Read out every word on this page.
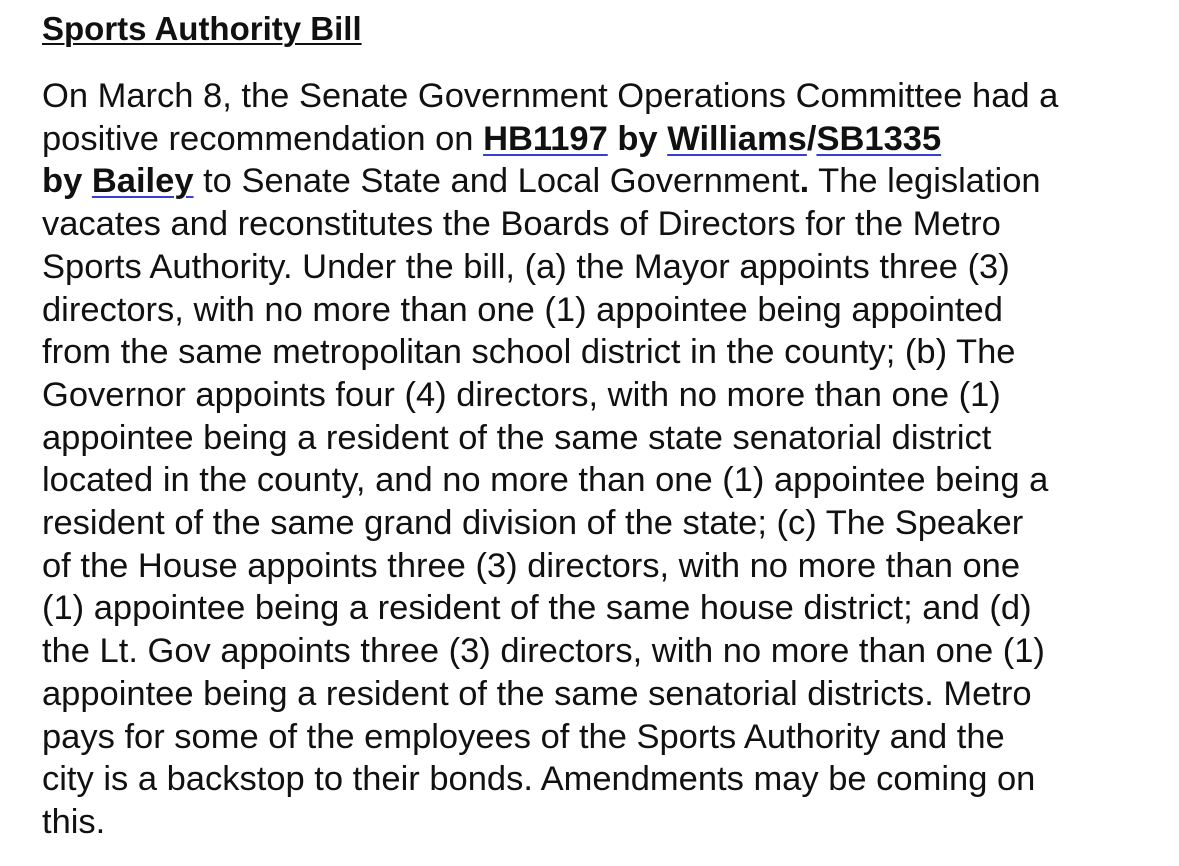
Sports Authority Bill

On March 8, the Senate Government Operations Committee had a
positive recommendation on HB1197 by Williams/SB1335
by Bailey to Senate State and Local Government. The legislation
vacates and reconstitutes the Boards of Directors for the Metro
Sports Authority. Under the bill, (a) the Mayor appoints three (3)
directors, with no more than one (1) appointee being appointed
from the same metropolitan school district in the county; (b) The
Governor appoints four (4) directors, with no more than one (1)
appointee being a resident of the same state senatorial district
located in the county, and no more than one (1) appointee being a
resident of the same grand division of the state; (c) The Speaker
of the House appoints three (3) directors, with no more than one
(1) appointee being a resident of the same house district; and (d)
the Lt. Gov appoints three (3) directors, with no more than one (1)
appointee being a resident of the same senatorial districts. Metro
pays for some of the employees of the Sports Authority and the
city is a backstop to their bonds. Amendments may be coming on
this.
